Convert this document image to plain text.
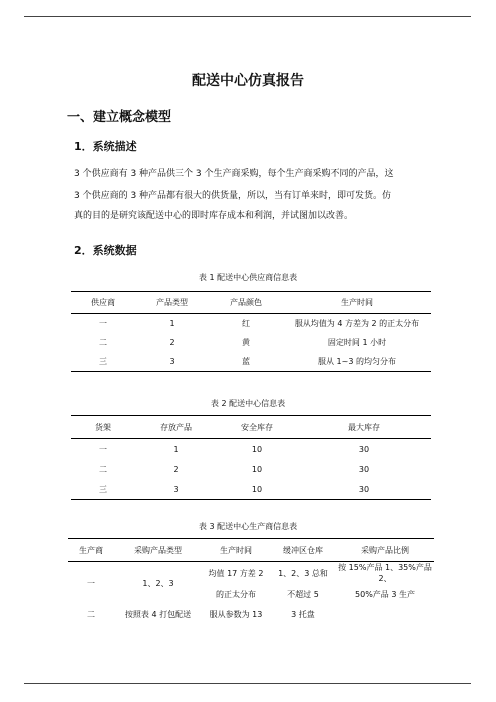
配送中心仿真报告
一、建立概念模型
1．系统描述
3 个供应商有 3 种产品供三个 3 个生产商采购，每个生产商采购不同的产品，这
3 个供应商的 3 种产品都有很大的供货量，所以，当有订单来时，即可发货。仿
真的目的是研究该配送中心的即时库存成本和利润，并试图加以改善。
2．系统数据
表 1 配送中心供应商信息表
供应商	产品类型	产品颜色	生产时间
一	1	红	服从均值为 4 方差为 2 的正太分布
二	2	黄	固定时间 1 小时
三	3	蓝	服从 1~3 的均匀分布
表 2 配送中心信息表
货架	存放产品	安全库存	最大库存
一	1	10	30
二	2	10	30
三	3	10	30
表 3 配送中心生产商信息表
生产商	采购产品类型	生产时间	缓冲区仓库	采购产品比例
一	1、2、3	均值 17 方差 2	1、2、3 总和	按 15%产品 1、35%产品 2、
		的正太分布	不超过 5	50%产品 3 生产
二	按照表 4 打包配送	服从参数为 13	3 托盘	
